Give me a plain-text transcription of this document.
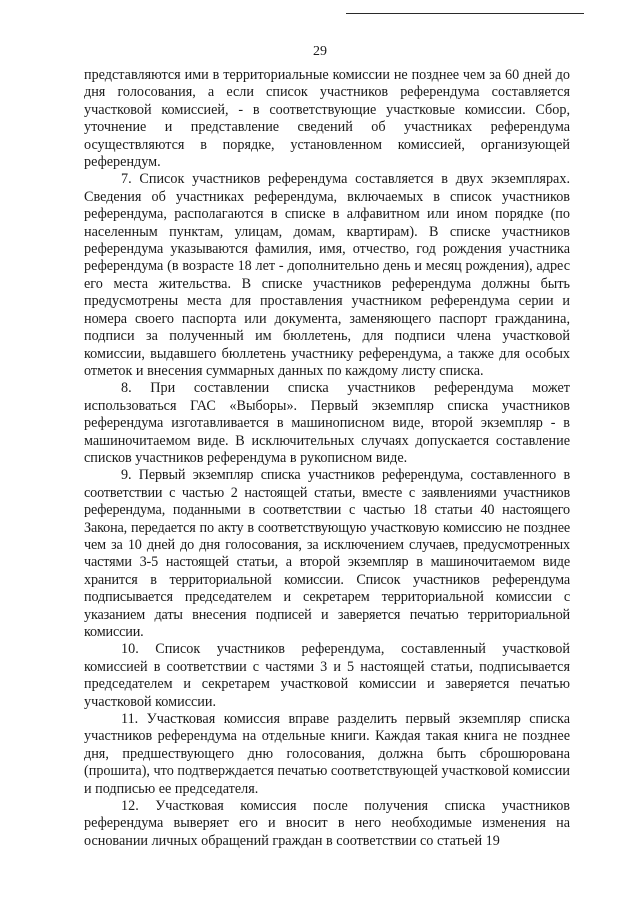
29

представляются ими в территориальные комиссии не позднее чем за 60 дней до дня голосования, а если список участников референдума составляется участковой комиссией, - в соответствующие участковые комиссии. Сбор, уточнение и представление сведений об участниках референдума осуществляются в порядке, установленном комиссией, организующей референдум.

7. Список участников референдума составляется в двух экземплярах. Сведения об участниках референдума, включаемых в список участников референдума, располагаются в списке в алфавитном или ином порядке (по населенным пунктам, улицам, домам, квартирам). В списке участников референдума указываются фамилия, имя, отчество, год рождения участника референдума (в возрасте 18 лет - дополнительно день и месяц рождения), адрес его места жительства. В списке участников референдума должны быть предусмотрены места для проставления участником референдума серии и номера своего паспорта или документа, заменяющего паспорт гражданина, подписи за полученный им бюллетень, для подписи члена участковой комиссии, выдавшего бюллетень участнику референдума, а также для особых отметок и внесения суммарных данных по каждому листу списка.

8. При составлении списка участников референдума может использоваться ГАС «Выборы». Первый экземпляр списка участников референдума изготавливается в машинописном виде, второй экземпляр - в машиночитаемом виде. В исключительных случаях допускается составление списков участников референдума в рукописном виде.

9. Первый экземпляр списка участников референдума, составленного в соответствии с частью 2 настоящей статьи, вместе с заявлениями участников референдума, поданными в соответствии с частью 18 статьи 40 настоящего Закона, передается по акту в соответствующую участковую комиссию не позднее чем за 10 дней до дня голосования, за исключением случаев, предусмотренных частями 3-5 настоящей статьи, а второй экземпляр в машиночитаемом виде хранится в территориальной комиссии. Список участников референдума подписывается председателем и секретарем территориальной комиссии с указанием даты внесения подписей и заверяется печатью территориальной комиссии.

10. Список участников референдума, составленный участковой комиссией в соответствии с частями 3 и 5 настоящей статьи, подписывается председателем и секретарем участковой комиссии и заверяется печатью участковой комиссии.

11. Участковая комиссия вправе разделить первый экземпляр списка участников референдума на отдельные книги. Каждая такая книга не позднее дня, предшествующего дню голосования, должна быть сброшюрована (прошита), что подтверждается печатью соответствующей участковой комиссии и подписью ее председателя.

12. Участковая комиссия после получения списка участников референдума выверяет его и вносит в него необходимые изменения на основании личных обращений граждан в соответствии со статьей 19
